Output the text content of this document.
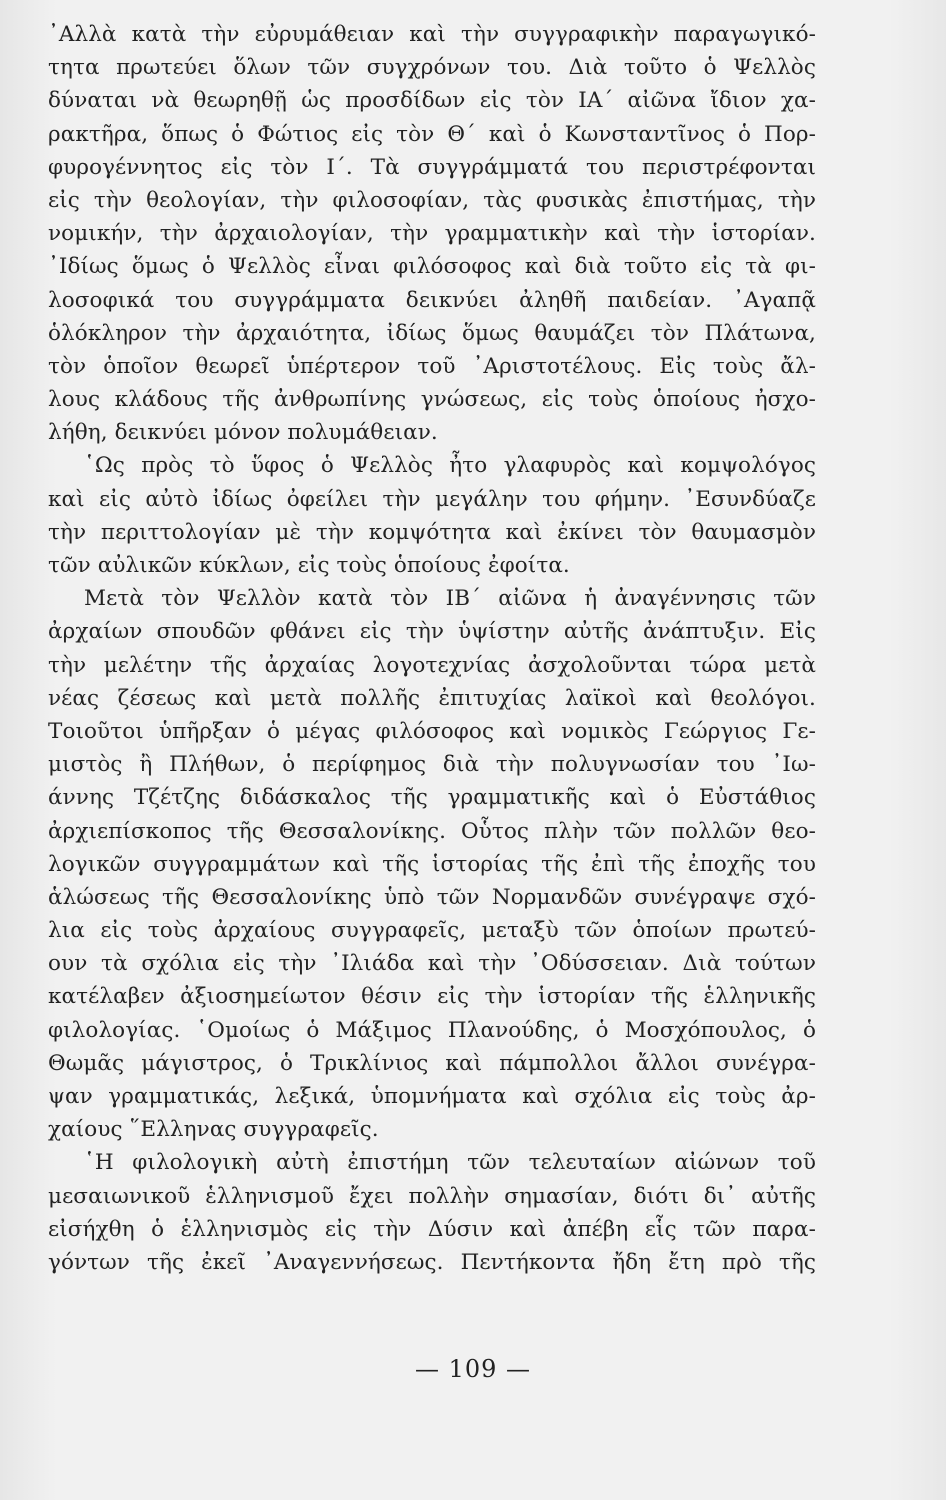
᾿Αλλὰ κατὰ τὴν εὐρυμάθειαν καὶ τὴν συγγραφικὴν παραγωγικό-
τητα πρωτεύει ὅλων τῶν συγχρόνων του. Διὰ τοῦτο ὁ Ψελλὸς
δύναται νὰ θεωρηθῇ ὡς προσδίδων εἰς τὸν ΙΑ΄ αἰῶνα ἴδιον χα-
ρακτῆρα, ὅπως ὁ Φώτιος εἰς τὸν Θ΄ καὶ ὁ Κωνσταντῖνος ὁ Πορ-
φυρογέννητος εἰς τὸν Ι΄. Τὰ συγγράμματά του περιστρέφονται
εἰς τὴν θεολογίαν, τὴν φιλοσοφίαν, τὰς φυσικὰς ἐπιστήμας, τὴν
νομικήν, τὴν ἀρχαιολογίαν, τὴν γραμματικὴν καὶ τὴν ἱστορίαν.
᾿Ιδίως ὅμως ὁ Ψελλὸς εἶναι φιλόσοφος καὶ διὰ τοῦτο εἰς τὰ φι-
λοσοφικά του συγγράμματα δεικνύει ἀληθῆ παιδείαν. ᾿Αγαπᾷ
ὁλόκληρον τὴν ἀρχαιότητα, ἰδίως ὅμως θαυμάζει τὸν Πλάτωνα,
τὸν ὁποῖον θεωρεῖ ὑπέρτερον τοῦ ᾿Αριστοτέλους. Εἰς τοὺς ἄλ-
λους κλάδους τῆς ἀνθρωπίνης γνώσεως, εἰς τοὺς ὁποίους ἠσχο-
λήθη, δεικνύει μόνον πολυμάθειαν.
῾Ως πρὸς τὸ ὕφος ὁ Ψελλὸς ἦτο γλαφυρὸς καὶ κομψολόγος
καὶ εἰς αὐτὸ ἰδίως ὀφείλει τὴν μεγάλην του φήμην. ᾿Εσυνδύαζε
τὴν περιττολογίαν μὲ τὴν κομψότητα καὶ ἐκίνει τὸν θαυμασμὸν
τῶν αὐλικῶν κύκλων, εἰς τοὺς ὁποίους ἐφοίτα.
Μετὰ τὸν Ψελλὸν κατὰ τὸν ΙΒ΄ αἰῶνα ἡ ἀναγέννησις τῶν
ἀρχαίων σπουδῶν φθάνει εἰς τὴν ὑψίστην αὐτῆς ἀνάπτυξιν. Εἰς
τὴν μελέτην τῆς ἀρχαίας λογοτεχνίας ἀσχολοῦνται τώρα μετὰ
νέας ζέσεως καὶ μετὰ πολλῆς ἐπιτυχίας λαϊκοὶ καὶ θεολόγοι.
Τοιοῦτοι ὑπῆρξαν ὁ μέγας φιλόσοφος καὶ νομικὸς Γεώργιος Γε-
μιστὸς ἢ Πλήθων, ὁ περίφημος διὰ τὴν πολυγνωσίαν του ᾿Ιω-
άννης Τζέτζης διδάσκαλος τῆς γραμματικῆς καὶ ὁ Εὐστάθιος
ἀρχιεπίσκοπος τῆς Θεσσαλονίκης. Οὗτος πλὴν τῶν πολλῶν θεο-
λογικῶν συγγραμμάτων καὶ τῆς ἱστορίας τῆς ἐπὶ τῆς ἐποχῆς του
ἁλώσεως τῆς Θεσσαλονίκης ὑπὸ τῶν Νορμανδῶν συνέγραψε σχό-
λια εἰς τοὺς ἀρχαίους συγγραφεῖς, μεταξὺ τῶν ὁποίων πρωτεύ-
ουν τὰ σχόλια εἰς τὴν ᾿Ιλιάδα καὶ τὴν ᾿Οδύσσειαν. Διὰ τούτων
κατέλαβεν ἀξιοσημείωτον θέσιν εἰς τὴν ἱστορίαν τῆς ἑλληνικῆς
φιλολογίας. ῾Ομοίως ὁ Μάξιμος Πλανούδης, ὁ Μοσχόπουλος, ὁ
Θωμᾶς μάγιστρος, ὁ Τρικλίνιος καὶ πάμπολλοι ἄλλοι συνέγρα-
ψαν γραμματικάς, λεξικά, ὑπομνήματα καὶ σχόλια εἰς τοὺς ἀρ-
χαίους ῞Ελληνας συγγραφεῖς.
῾Η φιλολογικὴ αὐτὴ ἐπιστήμη τῶν τελευταίων αἰώνων τοῦ
μεσαιωνικοῦ ἑλληνισμοῦ ἔχει πολλὴν σημασίαν, διότι δι᾿ αὐτῆς
εἰσήχθη ὁ ἑλληνισμὸς εἰς τὴν Δύσιν καὶ ἀπέβη εἷς τῶν παρα-
γόντων τῆς ἐκεῖ ᾿Αναγεννήσεως. Πεντήκοντα ἤδη ἔτη πρὸ τῆς
— 109 —
